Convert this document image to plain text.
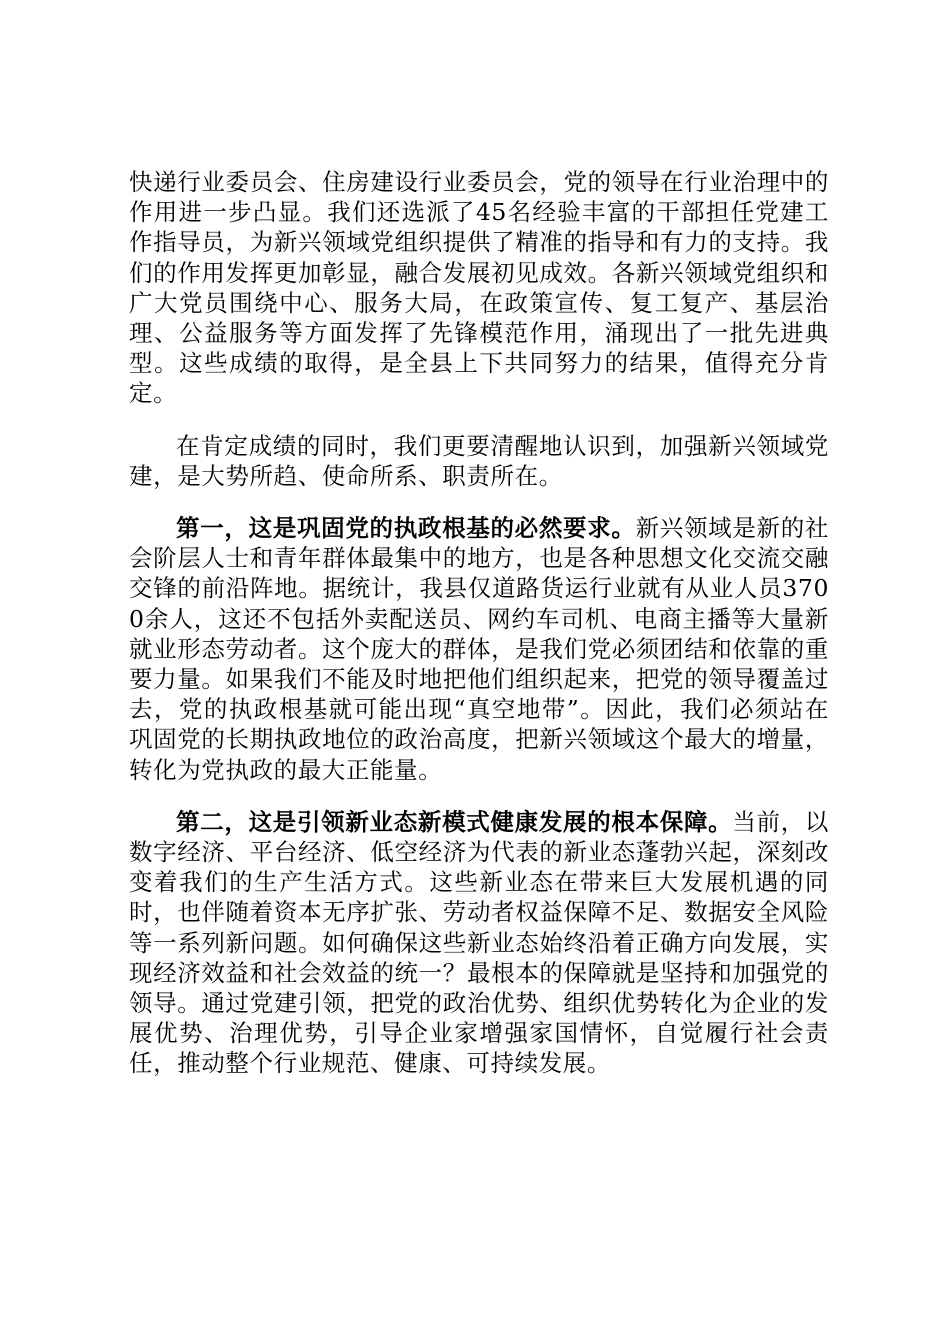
快递行业委员会、住房建设行业委员会，党的领导在行业治理中的作用进一步凸显。我们还选派了45名经验丰富的干部担任党建工作指导员，为新兴领域党组织提供了精准的指导和有力的支持。我们的作用发挥更加彰显，融合发展初见成效。各新兴领域党组织和广大党员围绕中心、服务大局，在政策宣传、复工复产、基层治理、公益服务等方面发挥了先锋模范作用，涌现出了一批先进典型。这些成绩的取得，是全县上下共同努力的结果，值得充分肯定。

在肯定成绩的同时，我们更要清醒地认识到，加强新兴领域党建，是大势所趋、使命所系、职责所在。

第一，这是巩固党的执政根基的必然要求。新兴领域是新的社会阶层人士和青年群体最集中的地方，也是各种思想文化交流交融交锋的前沿阵地。据统计，我县仅道路货运行业就有从业人员3700余人，这还不包括外卖配送员、网约车司机、电商主播等大量新就业形态劳动者。这个庞大的群体，是我们党必须团结和依靠的重要力量。如果我们不能及时地把他们组织起来，把党的领导覆盖过去，党的执政根基就可能出现“真空地带”。因此，我们必须站在巩固党的长期执政地位的政治高度，把新兴领域这个最大的增量，转化为党执政的最大正能量。

第二，这是引领新业态新模式健康发展的根本保障。当前，以数字经济、平台经济、低空经济为代表的新业态蓬勃兴起，深刻改变着我们的生产生活方式。这些新业态在带来巨大发展机遇的同时，也伴随着资本无序扩张、劳动者权益保障不足、数据安全风险等一系列新问题。如何确保这些新业态始终沿着正确方向发展，实现经济效益和社会效益的统一？最根本的保障就是坚持和加强党的领导。通过党建引领，把党的政治优势、组织优势转化为企业的发展优势、治理优势，引导企业家增强家国情怀，自觉履行社会责任，推动整个行业规范、健康、可持续发展。
